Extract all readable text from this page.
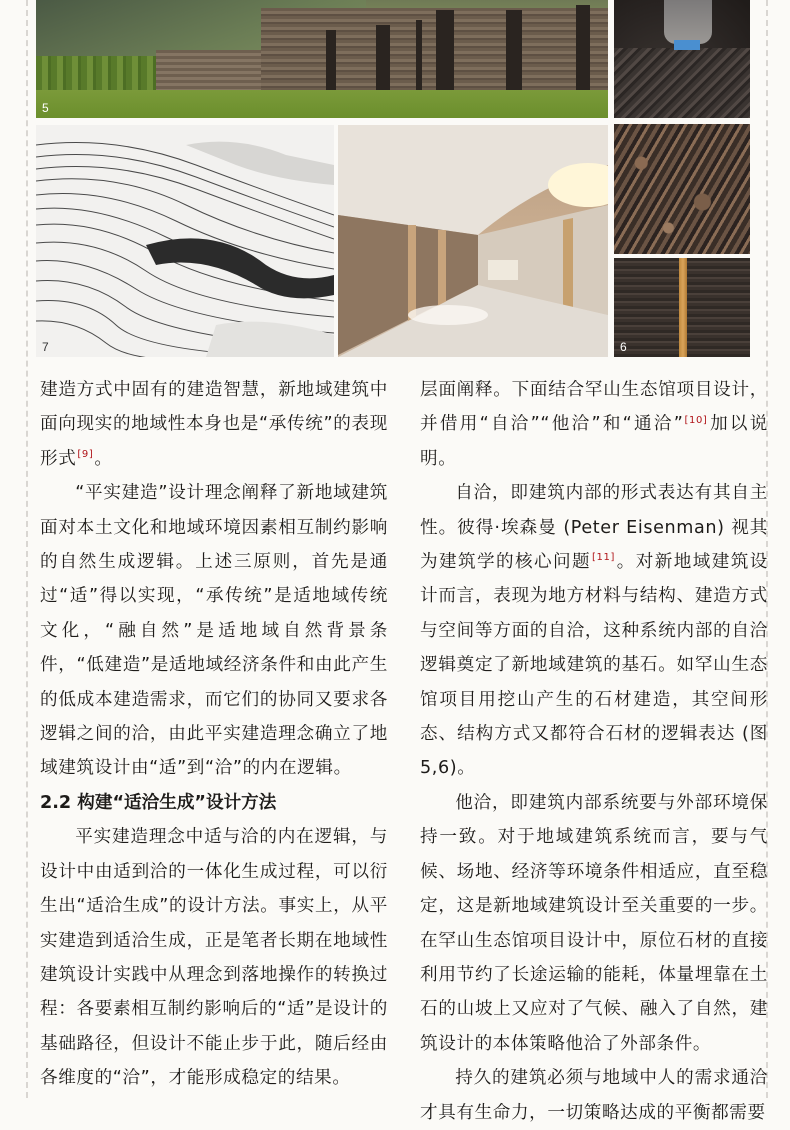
5
7	6

建造方式中固有的建造智慧，新地域建筑中面向现实的地域性本身也是“承传统”的表现形式[9]。

“平实建造”设计理念阐释了新地域建筑面对本土文化和地域环境因素相互制约影响的自然生成逻辑。上述三原则，首先是通过“适”得以实现，“承传统”是适地域传统文化，“融自然”是适地域自然背景条件，“低建造”是适地域经济条件和由此产生的低成本建造需求，而它们的协同又要求各逻辑之间的洽，由此平实建造理念确立了地域建筑设计由“适”到“洽”的内在逻辑。

2.2 构建“适洽生成”设计方法

平实建造理念中适与洽的内在逻辑，与设计中由适到洽的一体化生成过程，可以衍生出“适洽生成”的设计方法。事实上，从平实建造到适洽生成，正是笔者长期在地域性建筑设计实践中从理念到落地操作的转换过程：各要素相互制约影响后的“适”是设计的基础路径，但设计不能止步于此，随后经由各维度的“洽”，才能形成稳定的结果。

层面阐释。下面结合罕山生态馆项目设计，并借用“自洽”“他洽”和“通洽”[10]加以说明。

自洽，即建筑内部的形式表达有其自主性。彼得·埃森曼 (Peter Eisenman) 视其为建筑学的核心问题[11]。对新地域建筑设计而言，表现为地方材料与结构、建造方式与空间等方面的自洽，这种系统内部的自洽逻辑奠定了新地域建筑的基石。如罕山生态馆项目用挖山产生的石材建造，其空间形态、结构方式又都符合石材的逻辑表达 (图5,6)。

他洽，即建筑内部系统要与外部环境保持一致。对于地域建筑系统而言，要与气候、场地、经济等环境条件相适应，直至稳定，这是新地域建筑设计至关重要的一步。在罕山生态馆项目设计中，原位石材的直接利用节约了长途运输的能耗，体量埋靠在土石的山坡上又应对了气候、融入了自然，建筑设计的本体策略他洽了外部条件。

持久的建筑必须与地域中人的需求通洽才具有生命力，一切策略达成的平衡都需要
